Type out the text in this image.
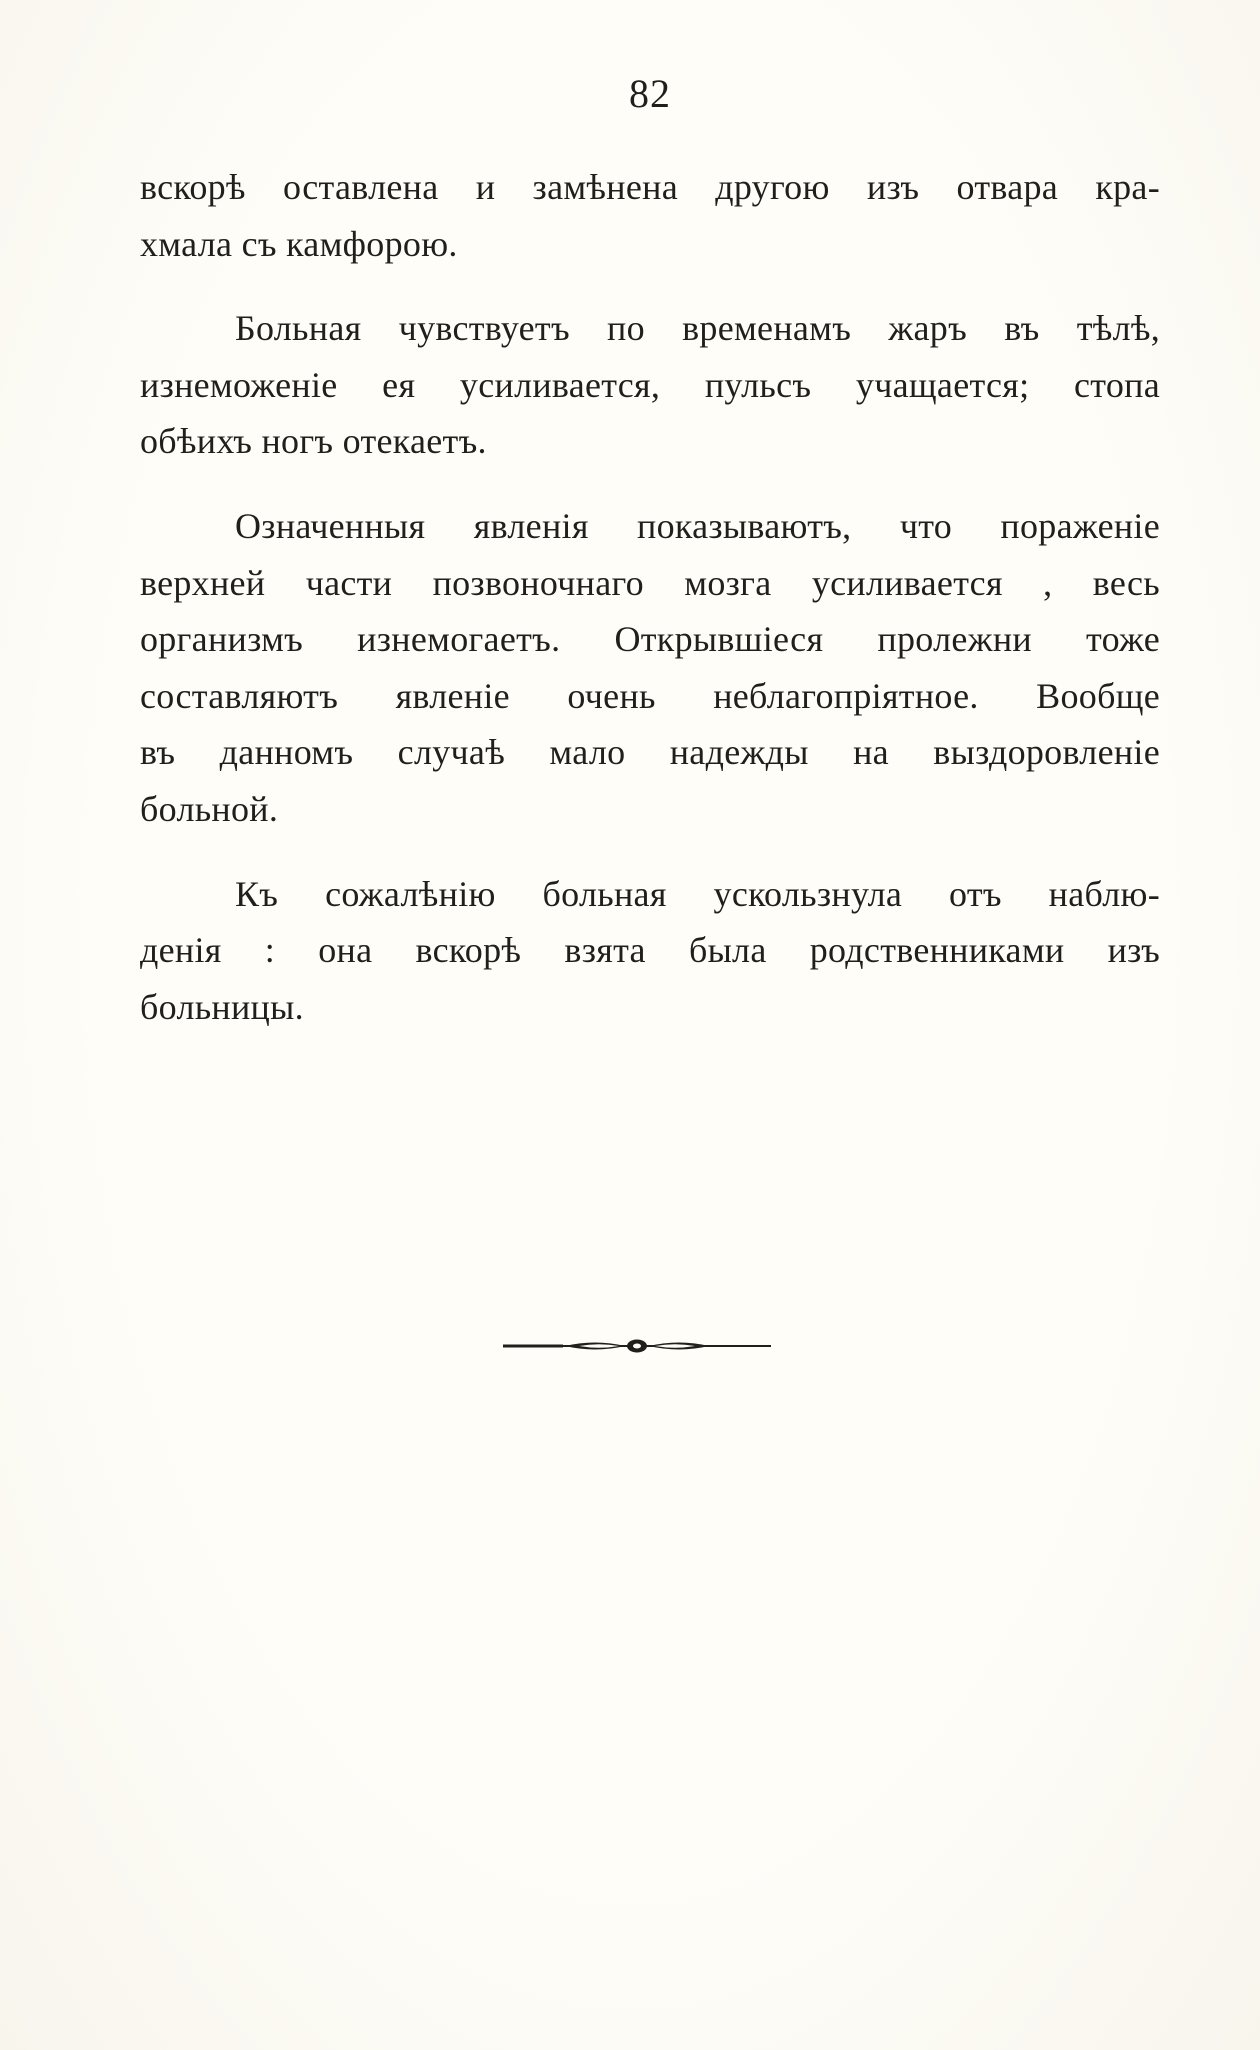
82

вскорѣ оставлена и замѣнена другою изъ отвара кра-
хмала съ камфорою.

Больная чувствуетъ по временамъ жаръ въ тѣлѣ,
изнеможеніе ея усиливается, пульсъ учащается; стопа
обѣихъ ногъ отекаетъ.

Означенныя явленія показываютъ, что пораженіе
верхней части позвоночнаго мозга усиливается , весь
организмъ изнемогаетъ. Открывшіеся пролежни тоже
составляютъ явленіе очень неблагопріятное. Вообще
въ данномъ случаѣ мало надежды на выздоровленіе
больной.

Къ сожалѣнію больная ускользнула отъ наблю-
денія : она вскорѣ взята была родственниками изъ
больницы.
